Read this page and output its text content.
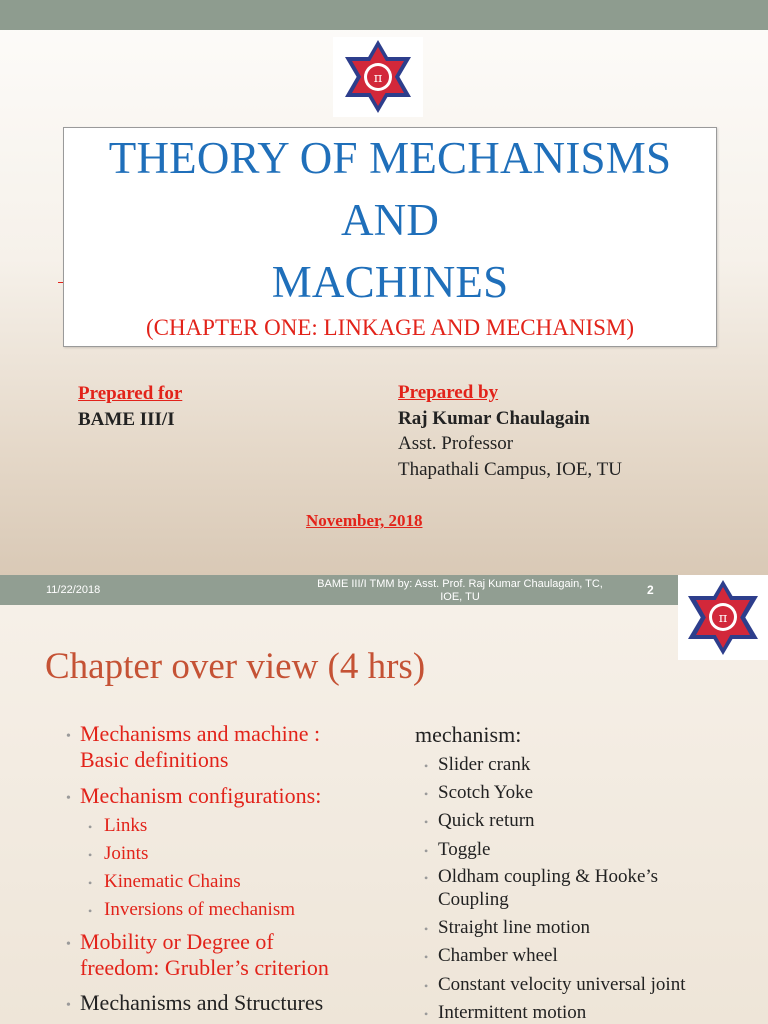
π
THEORY OF MECHANISMS
AND
MACHINES
(CHAPTER ONE: LINKAGE AND MECHANISM)
Prepared for
BAME III/I
Prepared by
Raj Kumar Chaulagain
Asst. Professor
Thapathali Campus, IOE, TU
November, 2018
11/22/2018	BAME III/I TMM by: Asst. Prof. Raj Kumar Chaulagain, TC,
IOE, TU	2
Chapter over view (4 hrs)
• Mechanisms and machine :
Basic definitions
• Mechanism configurations:
• Links
• Joints
• Kinematic Chains
• Inversions of mechanism
• Mobility or Degree of
freedom: Grubler’s criterion
• Mechanisms and Structures
mechanism:
• Slider crank
• Scotch Yoke
• Quick return
• Toggle
• Oldham coupling & Hooke’s
Coupling
• Straight line motion
• Chamber wheel
• Constant velocity universal joint
• Intermittent motion
π
